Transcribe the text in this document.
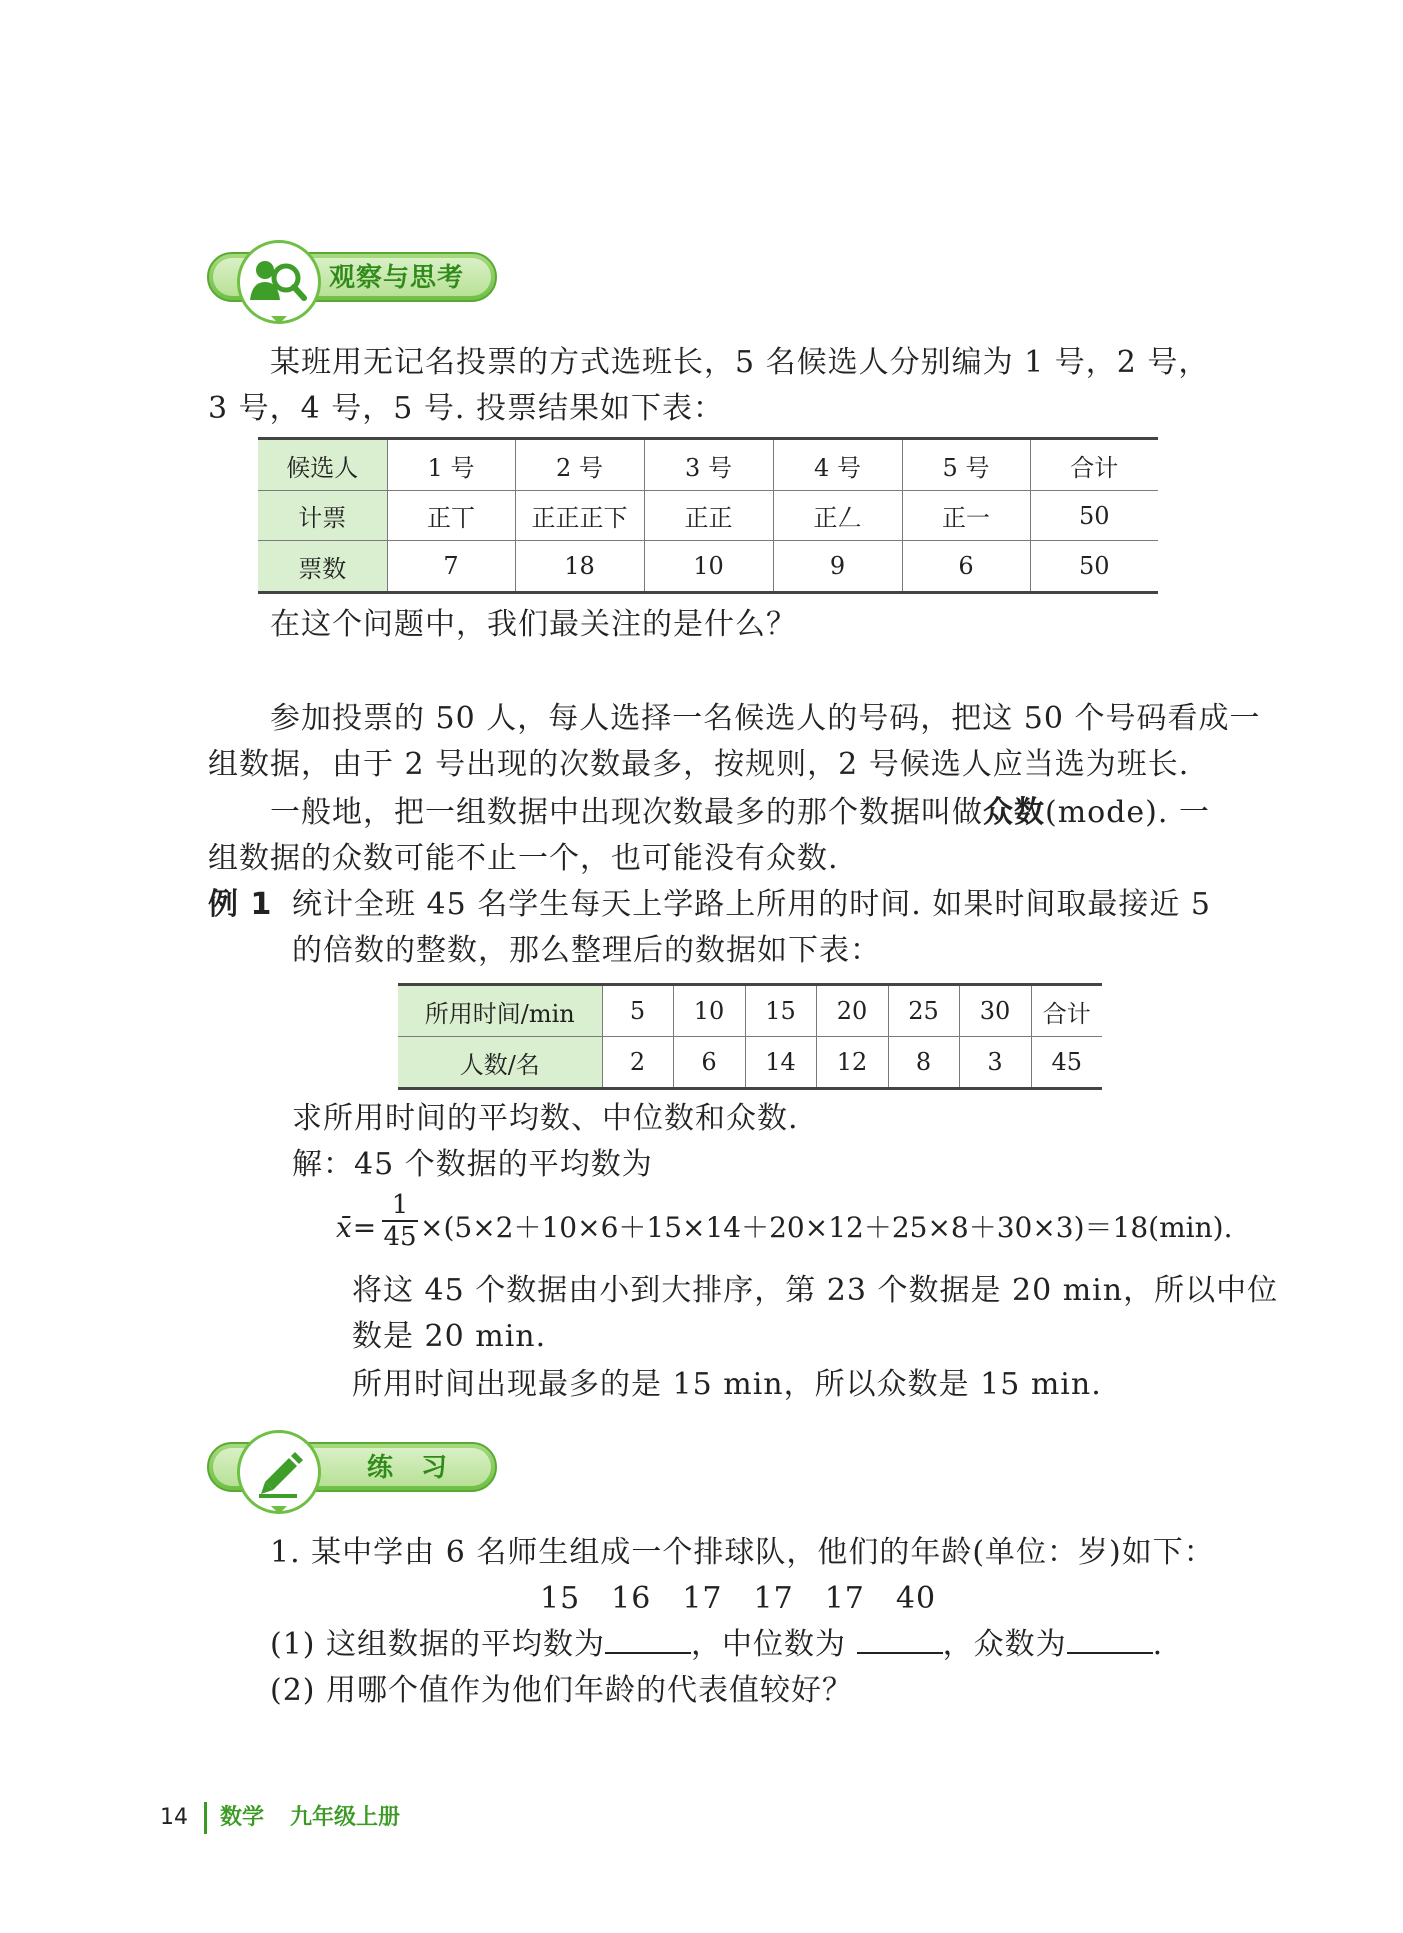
观察与思考
某班用无记名投票的方式选班长，5 名候选人分别编为 1 号，2 号，
3 号，4 号，5 号. 投票结果如下表：
候选人	1 号	2 号	3 号	4 号	5 号	合计
计票	正丅	正正正下	正正	正𠃋	正一	50
票数	7	18	10	9	6	50
在这个问题中，我们最关注的是什么？
参加投票的 50 人，每人选择一名候选人的号码，把这 50 个号码看成一
组数据，由于 2 号出现的次数最多，按规则，2 号候选人应当选为班长.
一般地，把一组数据中出现次数最多的那个数据叫做众数(mode). 一
组数据的众数可能不止一个，也可能没有众数.
例 1 统计全班 45 名学生每天上学路上所用的时间. 如果时间取最接近 5
的倍数的整数，那么整理后的数据如下表：
所用时间/min	5	10	15	20	25	30	合计
人数/名	2	6	14	12	8	3	45
求所用时间的平均数、中位数和众数.
解：45 个数据的平均数为
x̄= $\frac{1}{45} \times(5\times 2+10\times 6+15\times 14+20\times 12+25\times 8+30\times 3)=18(\min)$.
将这 45 个数据由小到大排序，第 23 个数据是 20 min，所以中位
数是 20 min.
所用时间出现最多的是 15 min，所以众数是 15 min.
练　习
1. 某中学由 6 名师生组成一个排球队，他们的年龄(单位：岁)如下：
15　16　17　17　17　40
(1) 这组数据的平均数为	，中位数为	，众数为	.
(2) 用哪个值作为他们年龄的代表值较好？
14 数学 九年级上册
